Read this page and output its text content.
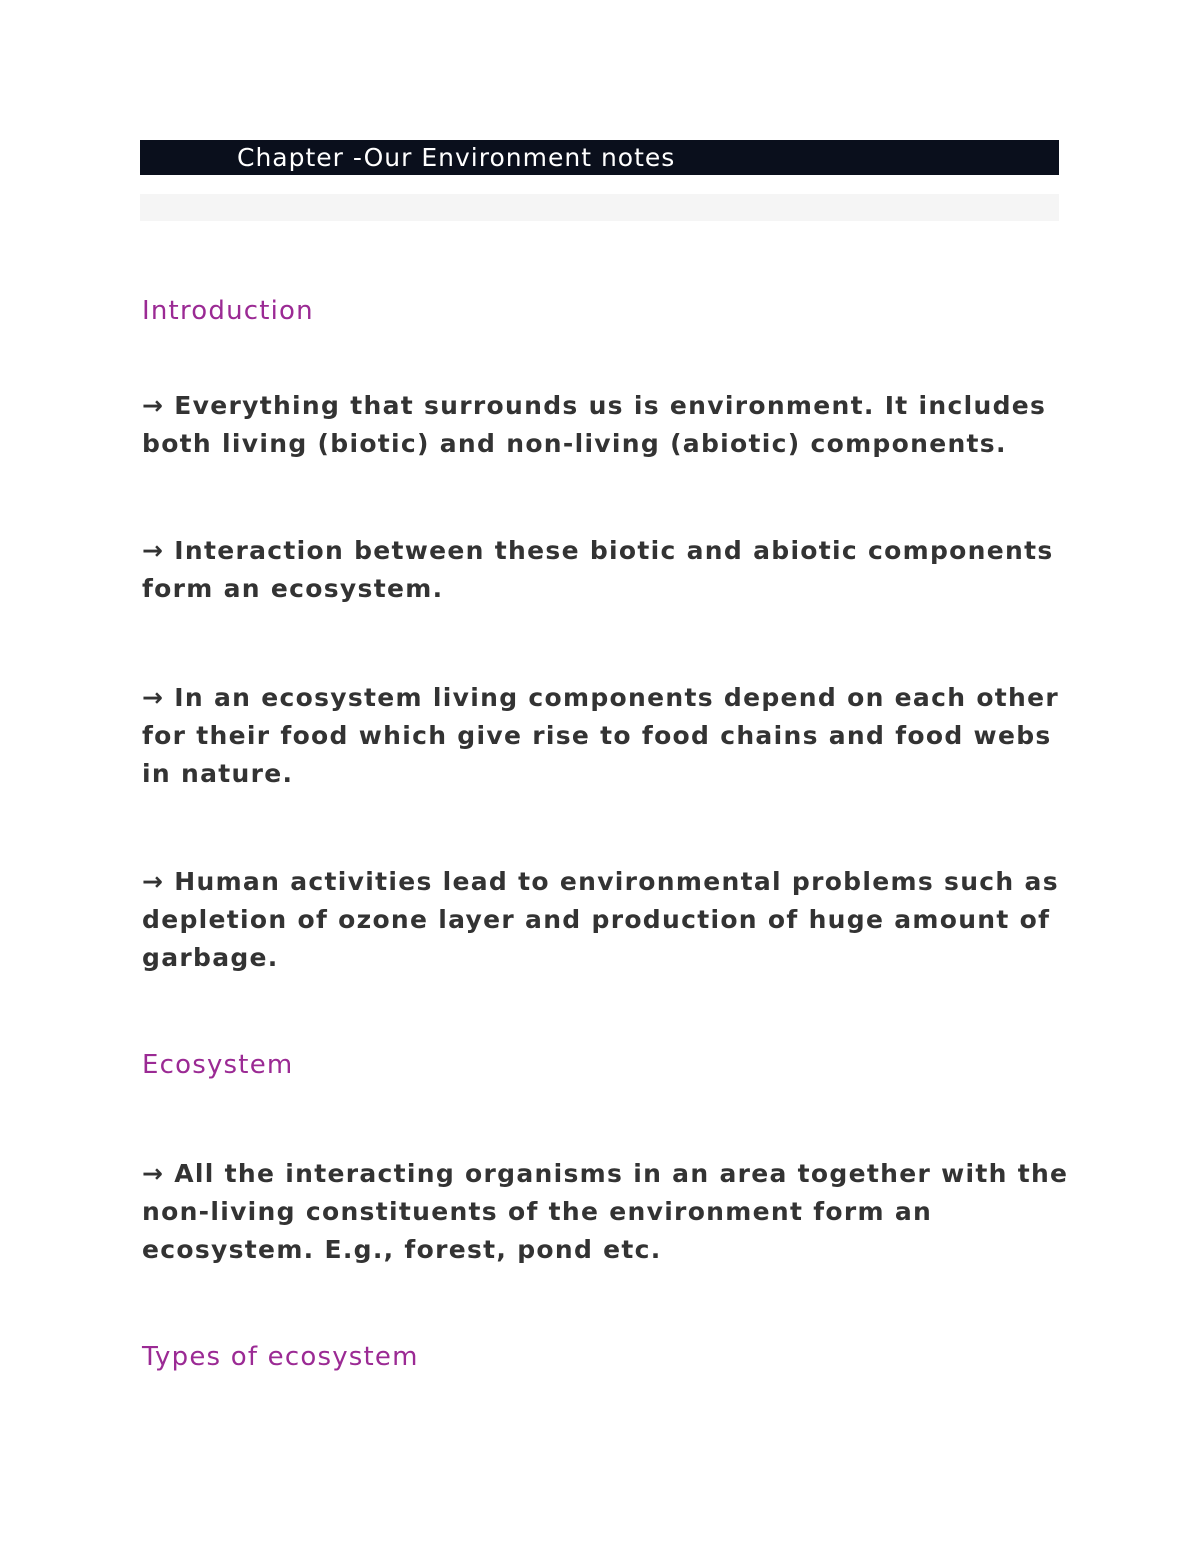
Chapter -Our Environment notes
Introduction

→ Everything that surrounds us is environment. It includes both living (biotic) and non-living (abiotic) components.

→ Interaction between these biotic and abiotic components form an ecosystem.

→ In an ecosystem living components depend on each other for their food which give rise to food chains and food webs in nature.

→ Human activities lead to environmental problems such as depletion of ozone layer and production of huge amount of garbage.

Ecosystem

→ All the interacting organisms in an area together with the non-living constituents of the environment form an ecosystem. E.g., forest, pond etc.

Types of ecosystem
